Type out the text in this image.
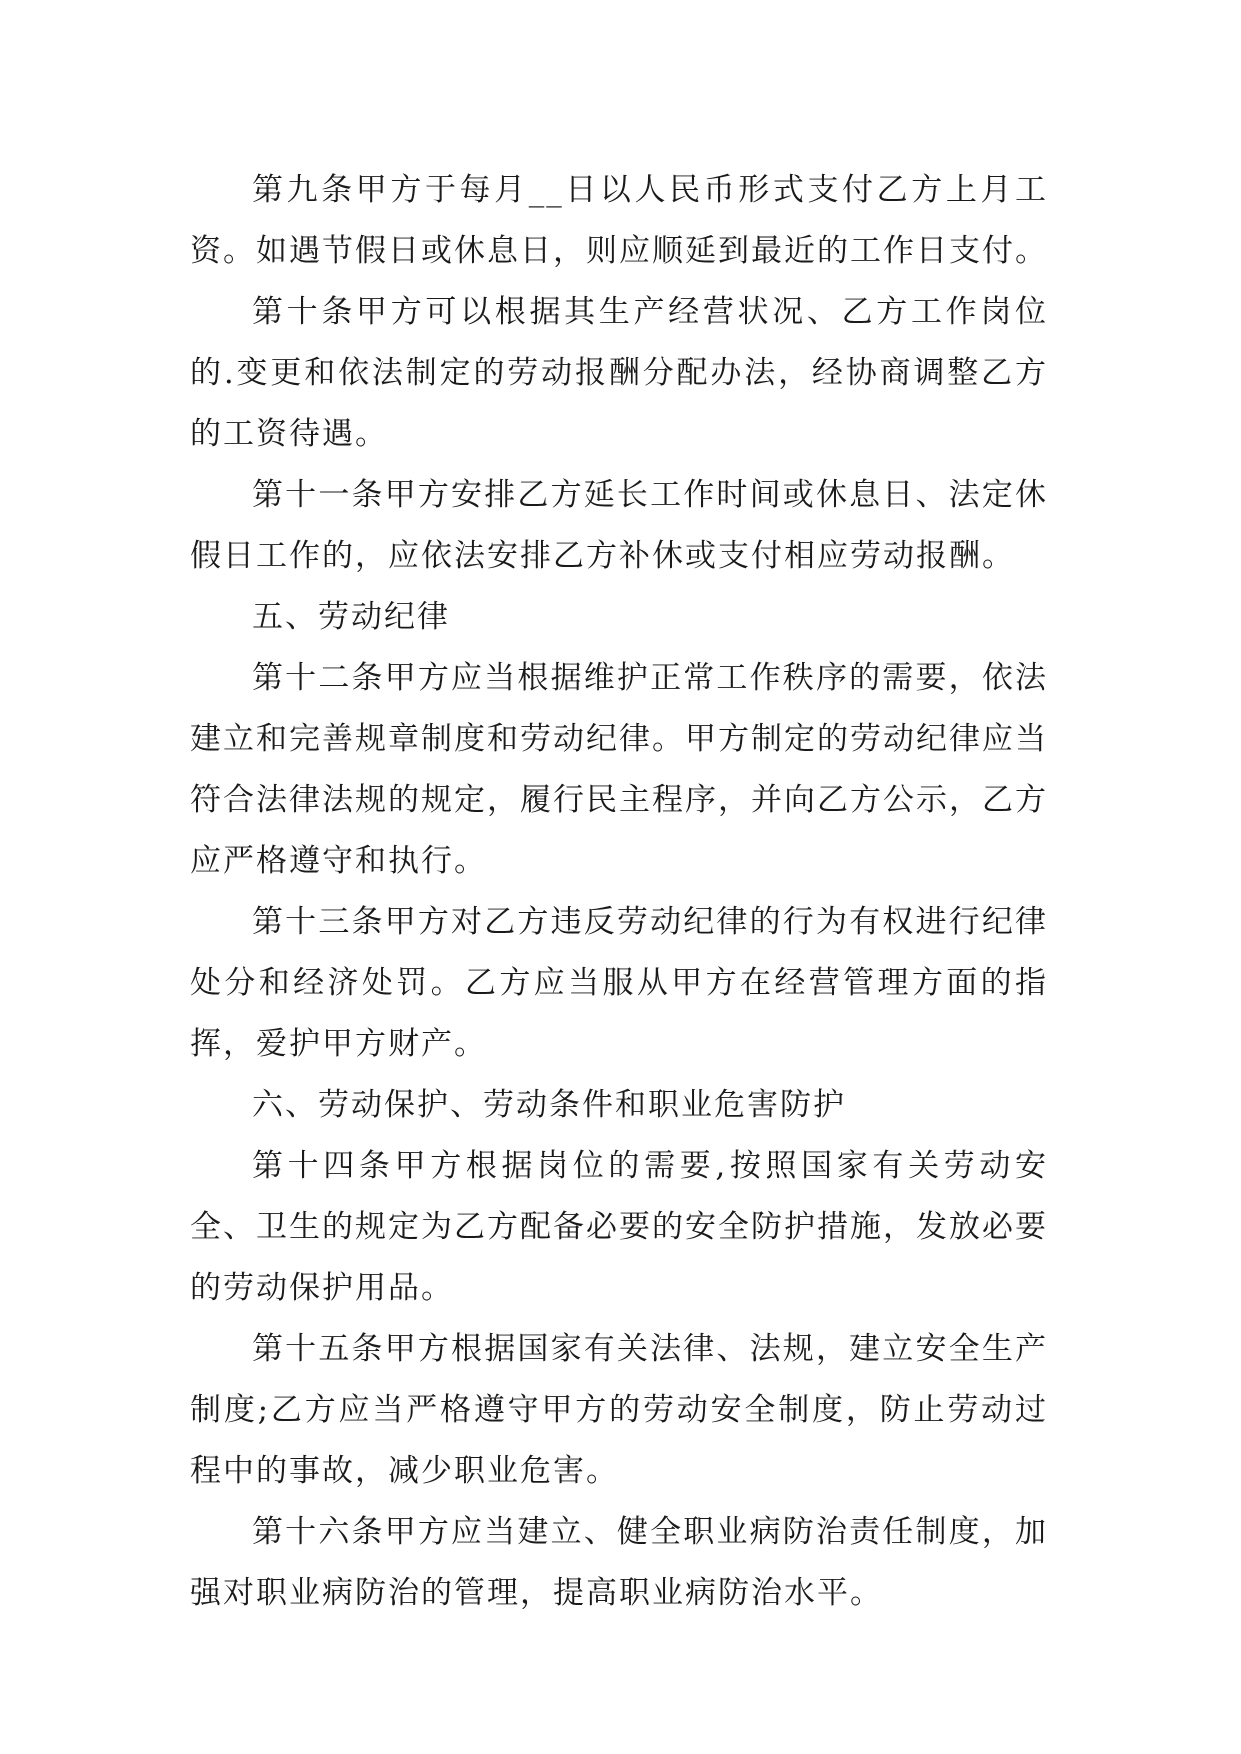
第九条甲方于每月__日以人民币形式支付乙方上月工资。如遇节假日或休息日，则应顺延到最近的工作日支付。

第十条甲方可以根据其生产经营状况、乙方工作岗位的.变更和依法制定的劳动报酬分配办法，经协商调整乙方的工资待遇。

第十一条甲方安排乙方延长工作时间或休息日、法定休假日工作的，应依法安排乙方补休或支付相应劳动报酬。

五、劳动纪律

第十二条甲方应当根据维护正常工作秩序的需要，依法建立和完善规章制度和劳动纪律。甲方制定的劳动纪律应当符合法律法规的规定，履行民主程序，并向乙方公示，乙方应严格遵守和执行。

第十三条甲方对乙方违反劳动纪律的行为有权进行纪律处分和经济处罚。乙方应当服从甲方在经营管理方面的指挥，爱护甲方财产。

六、劳动保护、劳动条件和职业危害防护

第十四条甲方根据岗位的需要,按照国家有关劳动安全、卫生的规定为乙方配备必要的安全防护措施，发放必要的劳动保护用品。

第十五条甲方根据国家有关法律、法规，建立安全生产制度;乙方应当严格遵守甲方的劳动安全制度，防止劳动过程中的事故，减少职业危害。

第十六条甲方应当建立、健全职业病防治责任制度，加强对职业病防治的管理，提高职业病防治水平。
